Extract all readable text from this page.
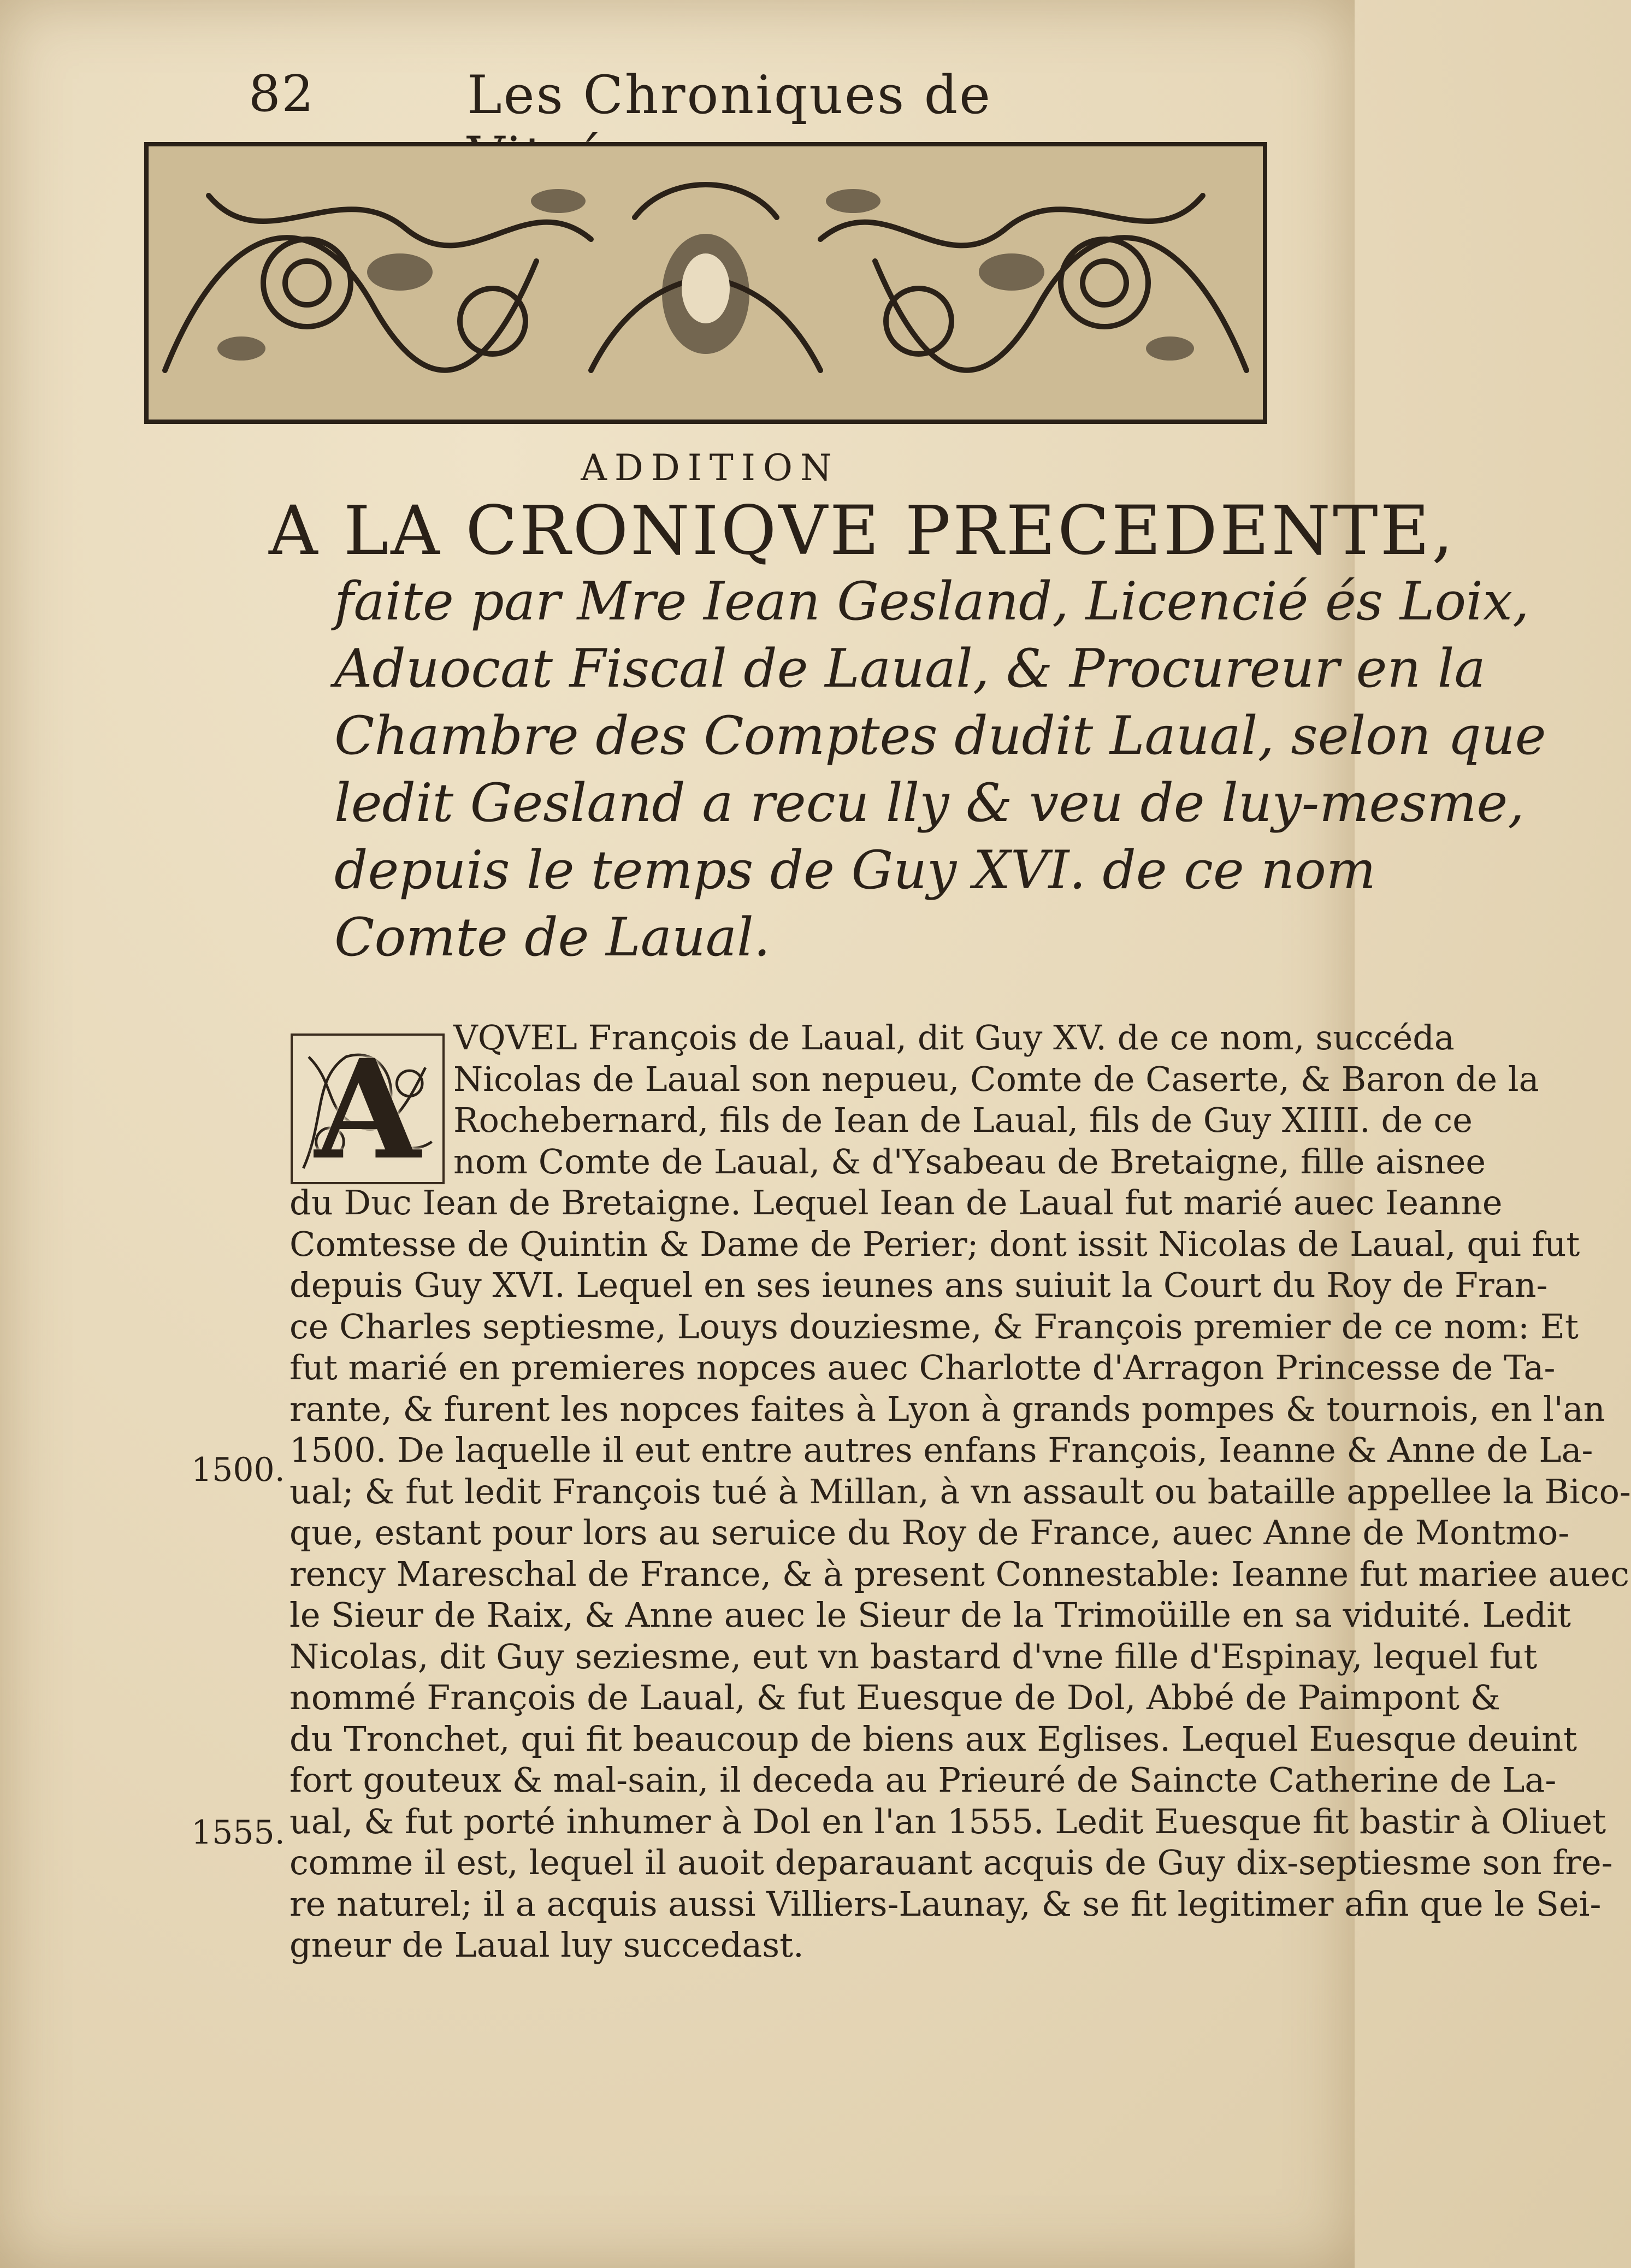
82	Les Chroniques de
ADDITION
A LA CRONIQVE PRECEDENTE,
faite par Mre Iean Gesland, Licencié és Loix,
Aduocat Fiscal de Laual, & Procureur en la
Chambre des Comptes dudit Laual, selon que
ledit Gesland a recu lly & veu de luy-mesme,
depuis le temps de Guy XVI. de ce nom
Comte de Laual.
A VQVEL François de Laual, dit Guy XV. de ce nom, succéda
Nicolas de Laual son nepueu, Comte de Caserte, & Baron de la
Rochebernard, fils de Iean de Laual, fils de Guy XIIII. de ce
nom Comte de Laual, & d'Ysabeau de Bretaigne, fille aisnee
du Duc Iean de Bretaigne. Lequel Iean de Laual fut marié auec Ieanne
Comtesse de Quintin & Dame de Perier; dont issit Nicolas de Laual, qui fut
depuis Guy XVI. Lequel en ses ieunes ans suiuit la Court du Roy de Fran-
ce Charles septiesme, Louys douziesme, & François premier de ce nom: Et
fut marié en premieres nopces auec Charlotte d'Arragon Princesse de Ta-
rante, & furent les nopces faites à Lyon à grands pompes & tournois, en l'an
1500. De laquelle il eut entre autres enfans François, Ieanne & Anne de La-
ual; & fut ledit François tué à Millan, à vn assault ou bataille appellee la Bico-
que, estant pour lors au seruice du Roy de France, auec Anne de Montmo-
rency Mareschal de France, & à present Connestable: Ieanne fut mariee auec
le Sieur de Raix, & Anne auec le Sieur de la Trimoüille en sa viduité. Ledit
Nicolas, dit Guy seziesme, eut vn bastard d'vne fille d'Espinay, lequel fut
nommé François de Laual, & fut Euesque de Dol, Abbé de Paimpont &
du Tronchet, qui fit beaucoup de biens aux Eglises. Lequel Euesque deuint
fort gouteux & mal-sain, il deceda au Prieuré de Saincte Catherine de La-
ual, & fut porté inhumer à Dol en l'an 1555. Ledit Euesque fit bastir à Oliuet
comme il est, lequel il auoit deparauant acquis de Guy dix-septiesme son fre-
re naturel; il a acquis aussi Villiers-Launay, & se fit legitimer afin que le Sei-
gneur de Laual luy succedast.
1500.
1555.
